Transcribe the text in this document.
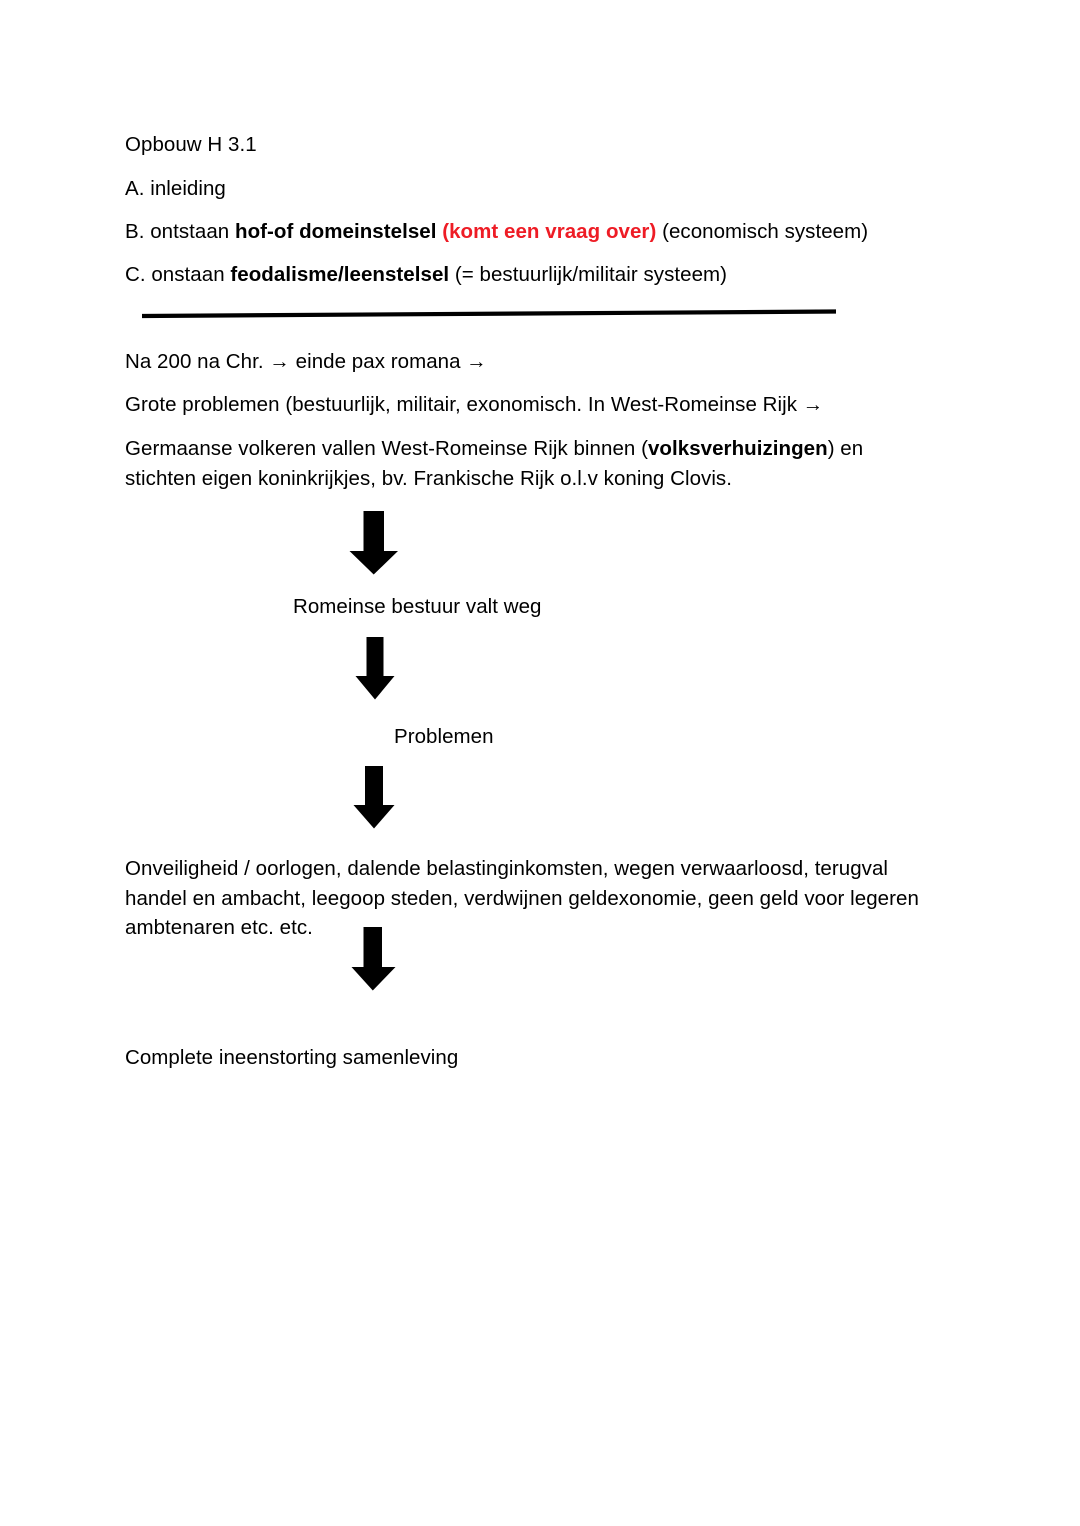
Opbouw H 3.1
A. inleiding
B. ontstaan hof-of domeinstelsel (komt een vraag over) (economisch systeem)
C. onstaan feodalisme/leenstelsel (= bestuurlijk/militair systeem)
Na 200 na Chr. → einde pax romana →
Grote problemen (bestuurlijk, militair, exonomisch. In West-Romeinse Rijk →
Germaanse volkeren vallen West-Romeinse Rijk binnen (volksverhuizingen) en stichten eigen koninkrijkjes, bv. Frankische Rijk o.l.v koning Clovis.
Romeinse bestuur valt weg
Problemen
Onveiligheid / oorlogen, dalende belastinginkomsten, wegen verwaarloosd, terugval handel en ambacht, leegoop steden, verdwijnen geldexonomie, geen geld voor legeren ambtenaren etc. etc.
Complete ineenstorting samenleving
